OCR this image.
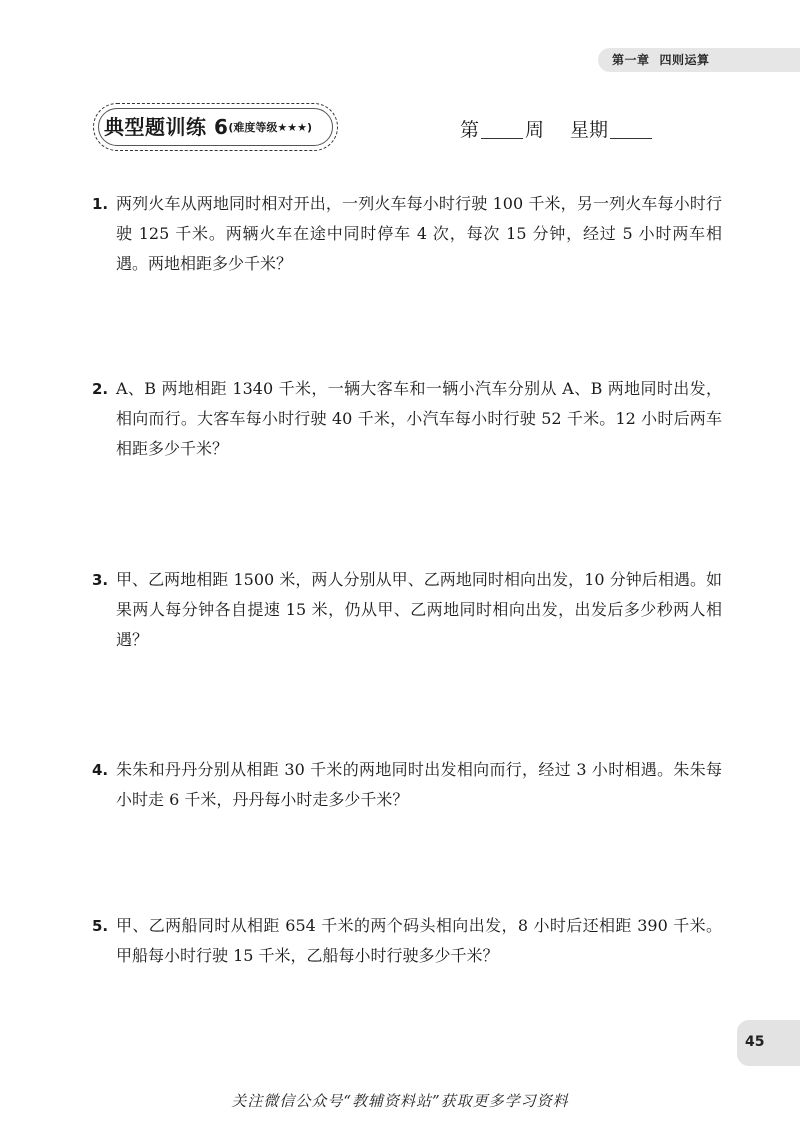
第一章 四则运算
典型题训练 6(难度等级★★★)	第 周 星期
1. 两列火车从两地同时相对开出，一列火车每小时行驶 100 千米，另一列火车每小时行驶 125 千米。两辆火车在途中同时停车 4 次，每次 15 分钟，经过 5 小时两车相遇。两地相距多少千米？
2. A、B 两地相距 1340 千米，一辆大客车和一辆小汽车分别从 A、B 两地同时出发，相向而行。大客车每小时行驶 40 千米，小汽车每小时行驶 52 千米。12 小时后两车相距多少千米？
3. 甲、乙两地相距 1500 米，两人分别从甲、乙两地同时相向出发，10 分钟后相遇。如果两人每分钟各自提速 15 米，仍从甲、乙两地同时相向出发，出发后多少秒两人相遇？
4. 朱朱和丹丹分别从相距 30 千米的两地同时出发相向而行，经过 3 小时相遇。朱朱每小时走 6 千米，丹丹每小时走多少千米？
5. 甲、乙两船同时从相距 654 千米的两个码头相向出发，8 小时后还相距 390 千米。甲船每小时行驶 15 千米，乙船每小时行驶多少千米？
45
关注微信公众号“教辅资料站”获取更多学习资料
